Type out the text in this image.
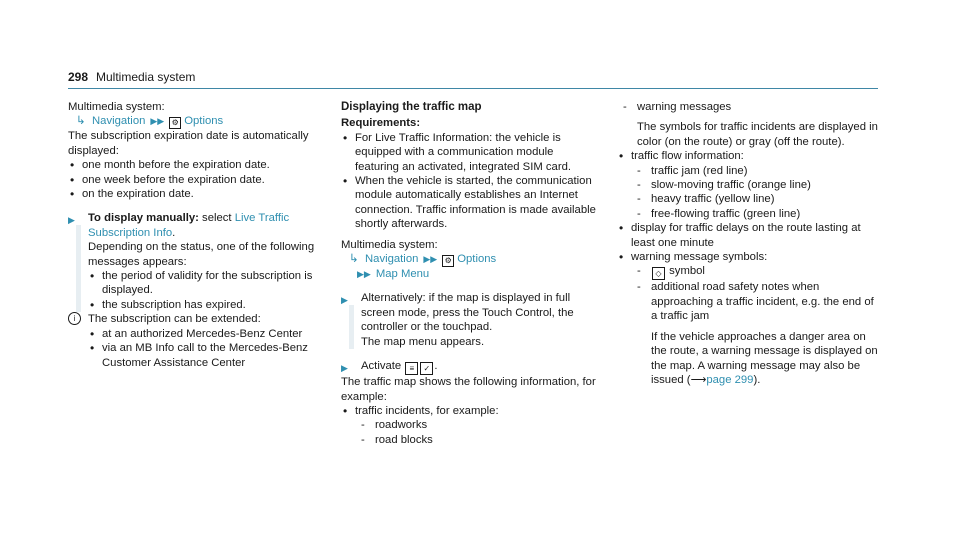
298 Multimedia system

Multimedia system:

↳ Navigation ▶▶ ⚙ Options

The subscription expiration date is automatically displayed:

• one month before the expiration date.
• one week before the expiration date.
• on the expiration date.
▶ To display manually: select Live Traffic Subscription Info.

Depending on the status, one of the following messages appears:

• the period of validity for the subscription is displayed.
• the subscription has expired.
i	The subscription can be extended:

• at an authorized Mercedes-Benz Center
• via an MB Info call to the Mercedes-Benz Customer Assistance Center
Displaying the traffic map

Requirements:

• For Live Traffic Information: the vehicle is equipped with a communication module featuring an activated, integrated SIM card.
• When the vehicle is started, the communication module automatically establishes an Internet connection. Traffic information is made available shortly afterwards.

Multimedia system:

↳ Navigation ▶▶ ⚙ Options

▶▶ Map Menu

▶ Alternatively: if the map is displayed in full screen mode, press the Touch Control, the controller or the touchpad.

The map menu appears.

▶ Activate ≡ ✓ .

The traffic map shows the following information, for example:

• traffic incidents, for example:
- roadworks
- road blocks
- warning messages

The symbols for traffic incidents are displayed in color (on the route) or gray (off the route).

• traffic flow information:
- traffic jam (red line)
- slow-moving traffic (orange line)
- heavy traffic (yellow line)
- free-flowing traffic (green line)
• display for traffic delays on the route lasting at least one minute
• warning message symbols:
- ◇ symbol
- additional road safety notes when approaching a traffic incident, e.g. the end of a traffic jam

If the vehicle approaches a danger area on the route, a warning message is displayed on the map. A warning message may also be issued (⟶page 299).
